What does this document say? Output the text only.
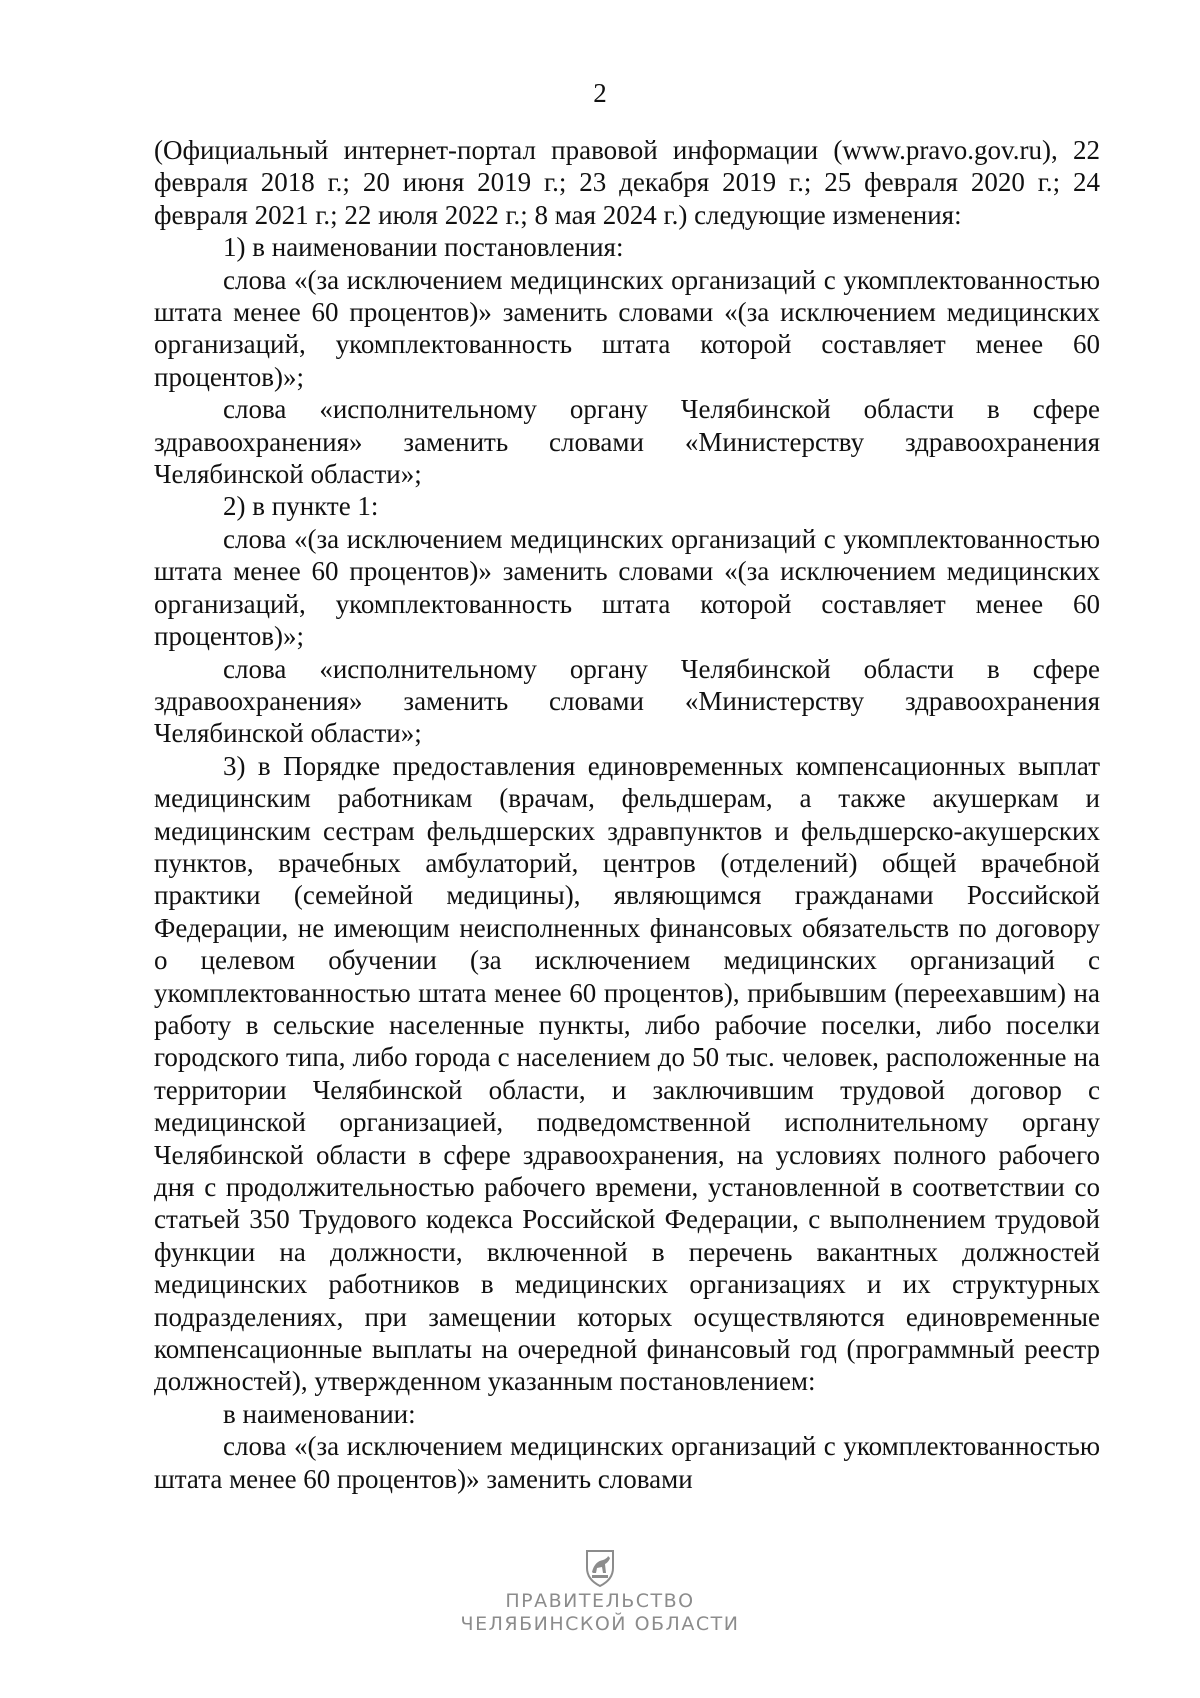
2

(Официальный интернет-портал правовой информации (www.pravo.gov.ru), 22 февраля 2018 г.; 20 июня 2019 г.; 23 декабря 2019 г.; 25 февраля 2020 г.; 24 февраля 2021 г.; 22 июля 2022 г.; 8 мая 2024 г.) следующие изменения:

1) в наименовании постановления:

слова «(за исключением медицинских организаций с укомплектованностью штата менее 60 процентов)» заменить словами «(за исключением медицинских организаций, укомплектованность штата которой составляет менее 60 процентов)»;

слова «исполнительному органу Челябинской области в сфере здравоохранения» заменить словами «Министерству здравоохранения Челябинской области»;

2) в пункте 1:

слова «(за исключением медицинских организаций с укомплектованностью штата менее 60 процентов)» заменить словами «(за исключением медицинских организаций, укомплектованность штата которой составляет менее 60 процентов)»;

слова «исполнительному органу Челябинской области в сфере здравоохранения» заменить словами «Министерству здравоохранения Челябинской области»;

3) в Порядке предоставления единовременных компенсационных выплат медицинским работникам (врачам, фельдшерам, а также акушеркам и медицинским сестрам фельдшерских здравпунктов и фельдшерско-акушерских пунктов, врачебных амбулаторий, центров (отделений) общей врачебной практики (семейной медицины), являющимся гражданами Российской Федерации, не имеющим неисполненных финансовых обязательств по договору о целевом обучении (за исключением медицинских организаций с укомплектованностью штата менее 60 процентов), прибывшим (переехавшим) на работу в сельские населенные пункты, либо рабочие поселки, либо поселки городского типа, либо города с населением до 50 тыс. человек, расположенные на территории Челябинской области, и заключившим трудовой договор с медицинской организацией, подведомственной исполнительному органу Челябинской области в сфере здравоохранения, на условиях полного рабочего дня с продолжительностью рабочего времени, установленной в соответствии со статьей 350 Трудового кодекса Российской Федерации, с выполнением трудовой функции на должности, включенной в перечень вакантных должностей медицинских работников в медицинских организациях и их структурных подразделениях, при замещении которых осуществляются единовременные компенсационные выплаты на очередной финансовый год (программный реестр должностей), утвержденном указанным постановлением:

в наименовании:

слова «(за исключением медицинских организаций с укомплектованностью штата менее 60 процентов)» заменить словами

ПРАВИТЕЛЬСТВО
ЧЕЛЯБИНСКОЙ ОБЛАСТИ
